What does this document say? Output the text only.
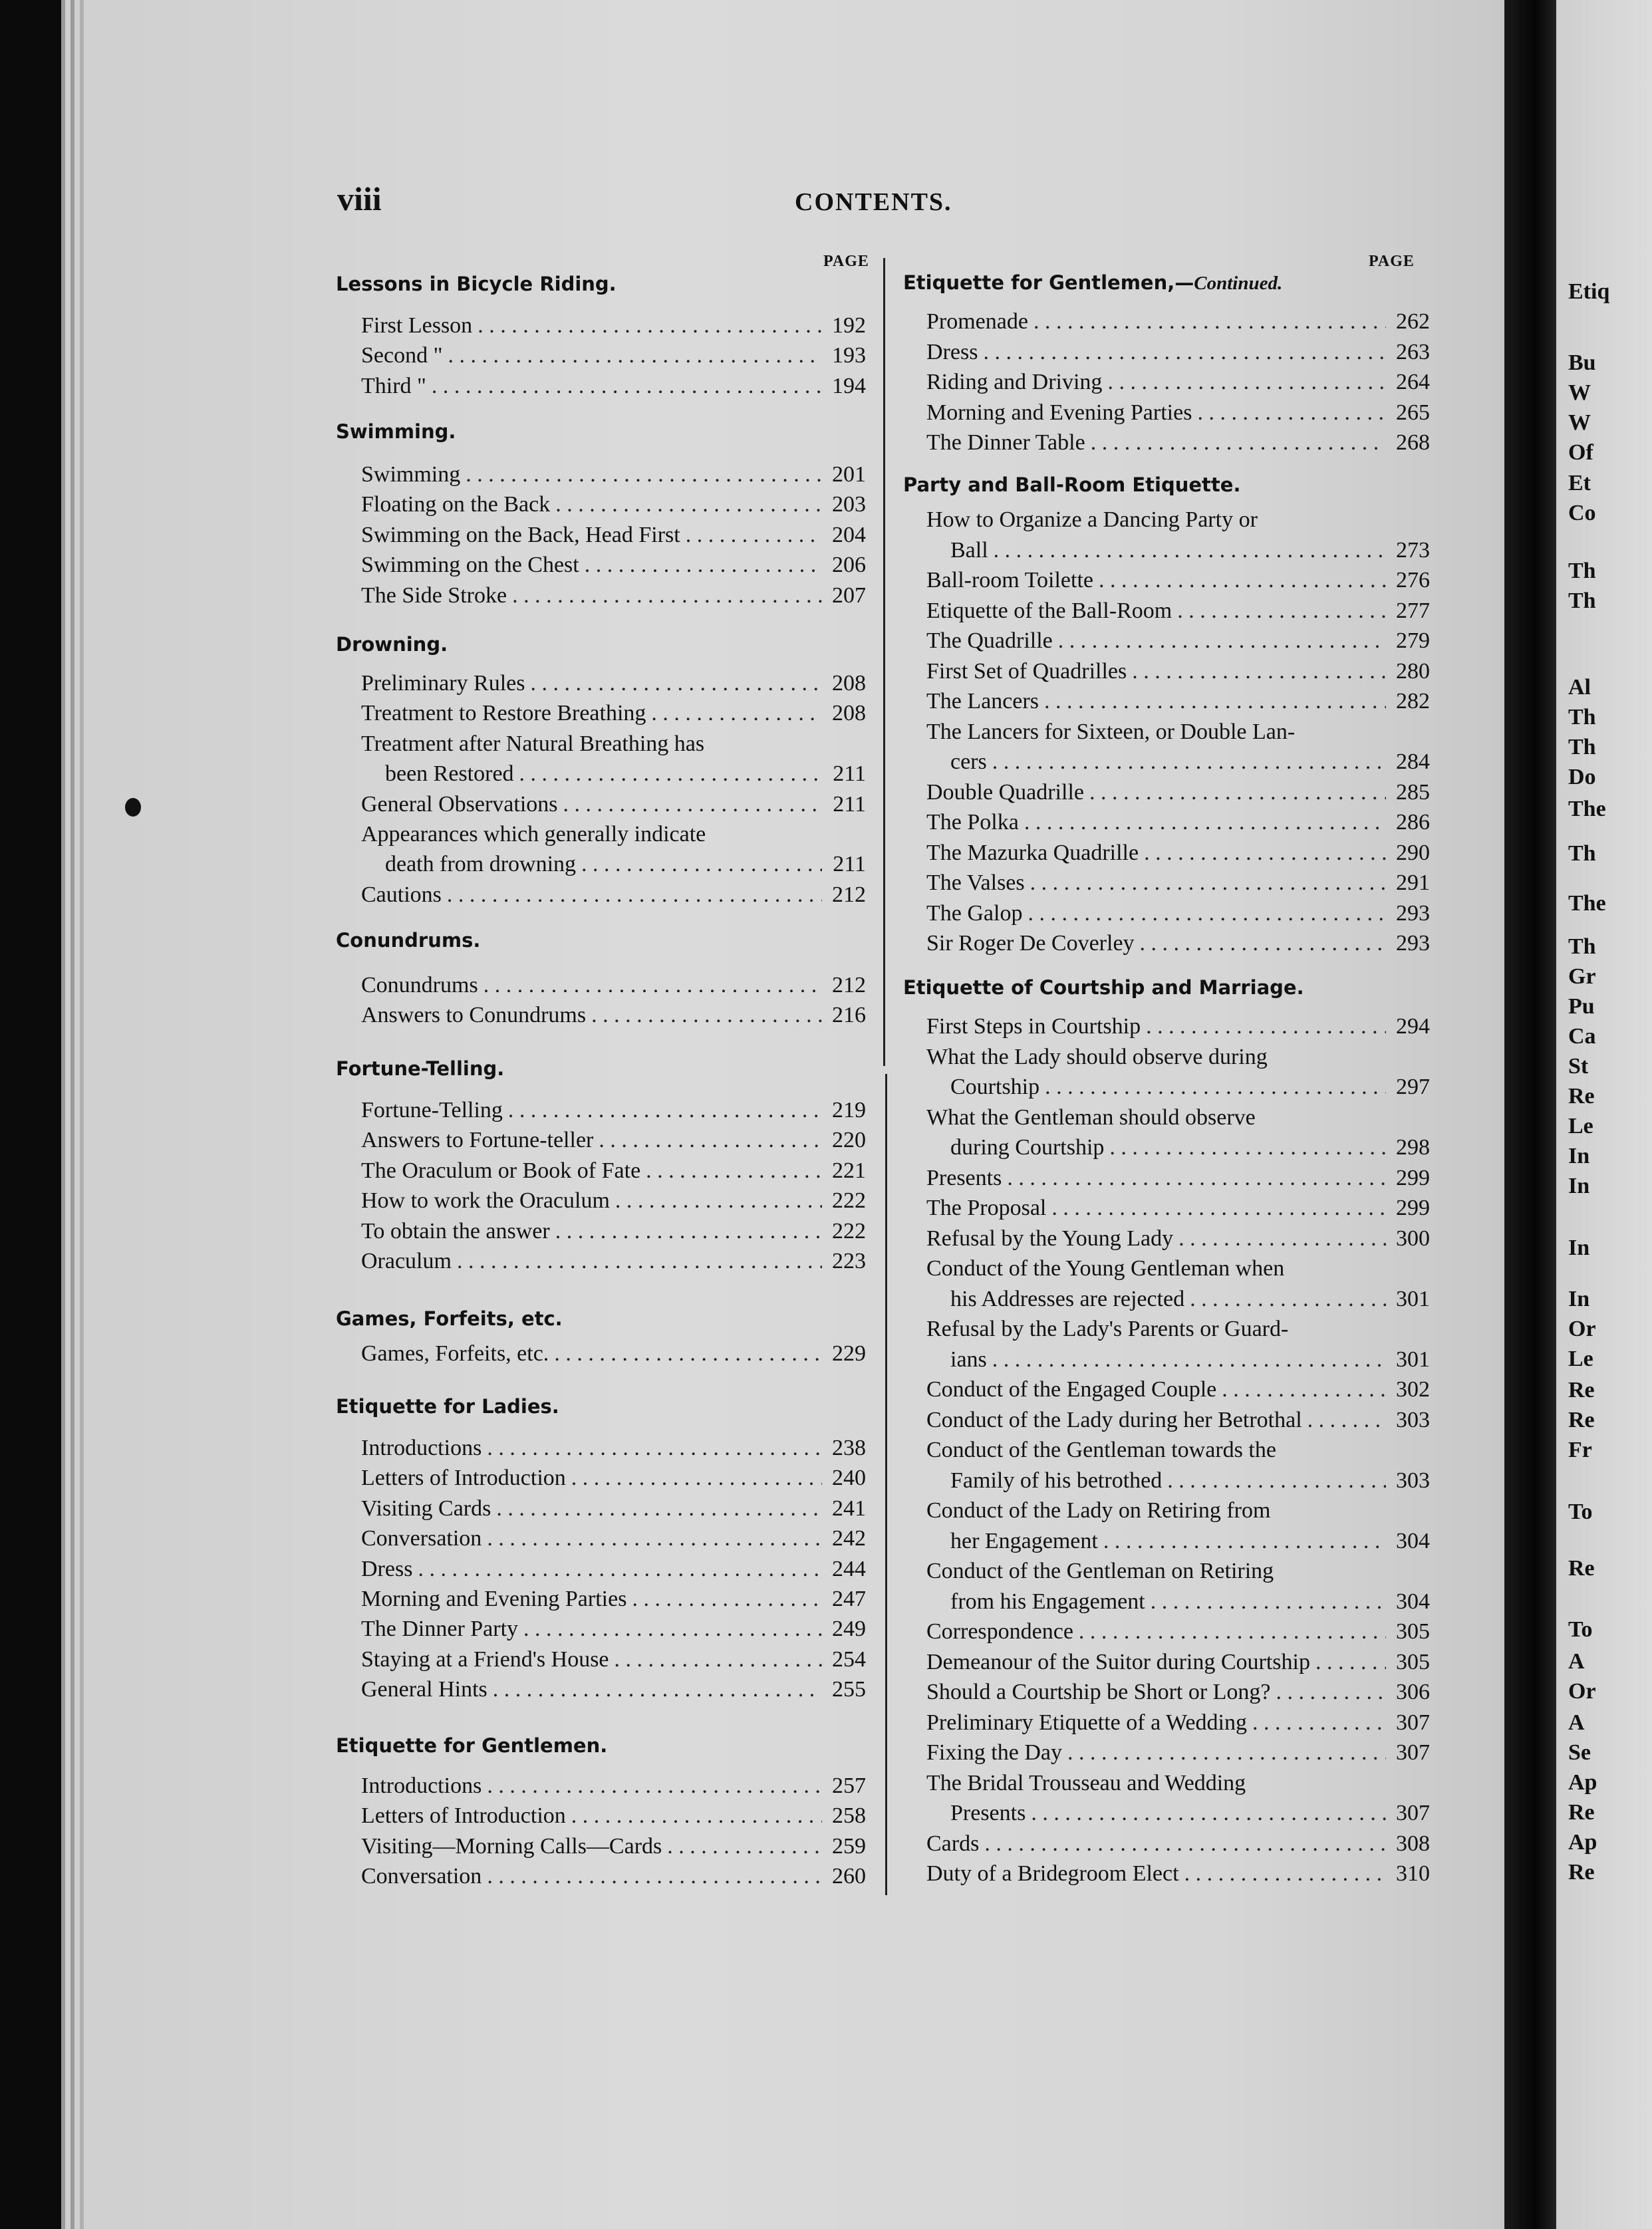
viii	CONTENTS.
PAGE	PAGE
Lessons in Bicycle Riding.
First Lesson . . .	192
Second " . . .	193
Third " . . .	194
Swimming.
Swimming . . .	201
Floating on the Back . . .	203
Swimming on the Back, Head First . . .	204
Swimming on the Chest . . .	206
The Side Stroke . . .	207
Drowning.
Preliminary Rules . . .	208
Treatment to Restore Breathing . . .	208
Treatment after Natural Breathing has
been Restored . . .	211
General Observations . . .	211
Appearances which generally indicate
death from drowning . . .	211
Cautions . . .	212
Conundrums.
Conundrums . . .	212
Answers to Conundrums . . .	216
Fortune-Telling.
Fortune-Telling . . .	219
Answers to Fortune-teller . . .	220
The Oraculum or Book of Fate . . .	221
How to work the Oraculum . . .	222
To obtain the answer . . .	222
Oraculum . . .	223
Games, Forfeits, etc.
Games, Forfeits, etc. . . .	229
Etiquette for Ladies.
Introductions . . .	238
Letters of Introduction . . .	240
Visiting Cards . . .	241
Conversation . . .	242
Dress . . .	244
Morning and Evening Parties . . .	247
The Dinner Party . . .	249
Staying at a Friend's House . . .	254
General Hints . . .	255
Etiquette for Gentlemen.
Introductions . . .	257
Letters of Introduction . . .	258
Visiting—Morning Calls—Cards . . .	259
Conversation . . .	260
Etiquette for Gentlemen,—Continued.
Promenade . . .	262
Dress . . .	263
Riding and Driving . . .	264
Morning and Evening Parties . . .	265
The Dinner Table . . .	268
Party and Ball-Room Etiquette.
How to Organize a Dancing Party or
Ball . . .	273
Ball-room Toilette . . .	276
Etiquette of the Ball-Room . . .	277
The Quadrille . . .	279
First Set of Quadrilles . . .	280
The Lancers . . .	282
The Lancers for Sixteen, or Double Lan-
cers . . .	284
Double Quadrille . . .	285
The Polka . . .	286
The Mazurka Quadrille . . .	290
The Valses . . .	291
The Galop . . .	293
Sir Roger De Coverley . . .	293
Etiquette of Courtship and Marriage.
First Steps in Courtship . . .	294
What the Lady should observe during
Courtship . . .	297
What the Gentleman should observe
during Courtship . . .	298
Presents . . .	299
The Proposal . . .	299
Refusal by the Young Lady . . .	300
Conduct of the Young Gentleman when
his Addresses are rejected . . .	301
Refusal by the Lady's Parents or Guard-
ians . . .	301
Conduct of the Engaged Couple . . .	302
Conduct of the Lady during her Betrothal . . .	303
Conduct of the Gentleman towards the
Family of his betrothed . . .	303
Conduct of the Lady on Retiring from
her Engagement . . .	304
Conduct of the Gentleman on Retiring
from his Engagement . . .	304
Correspondence . . .	305
Demeanour of the Suitor during Courtship . . .	305
Should a Courtship be Short or Long? . . .	306
Preliminary Etiquette of a Wedding . . .	307
Fixing the Day . . .	307
The Bridal Trousseau and Wedding
Presents . . .	307
Cards . . .	308
Duty of a Bridegroom Elect . . .	310
Etiq
Bu
W
W
Of
Et
Co
Th
Th
Al
Th
Th
Do
The
Th
The
Th
Gr
Pu
Ca
St
Re
Le
In
In
In
In
Or
Le
Re
Re
Fr
To
Re
To
A
Or
A
Se
Ap
Re
Ap
Re
